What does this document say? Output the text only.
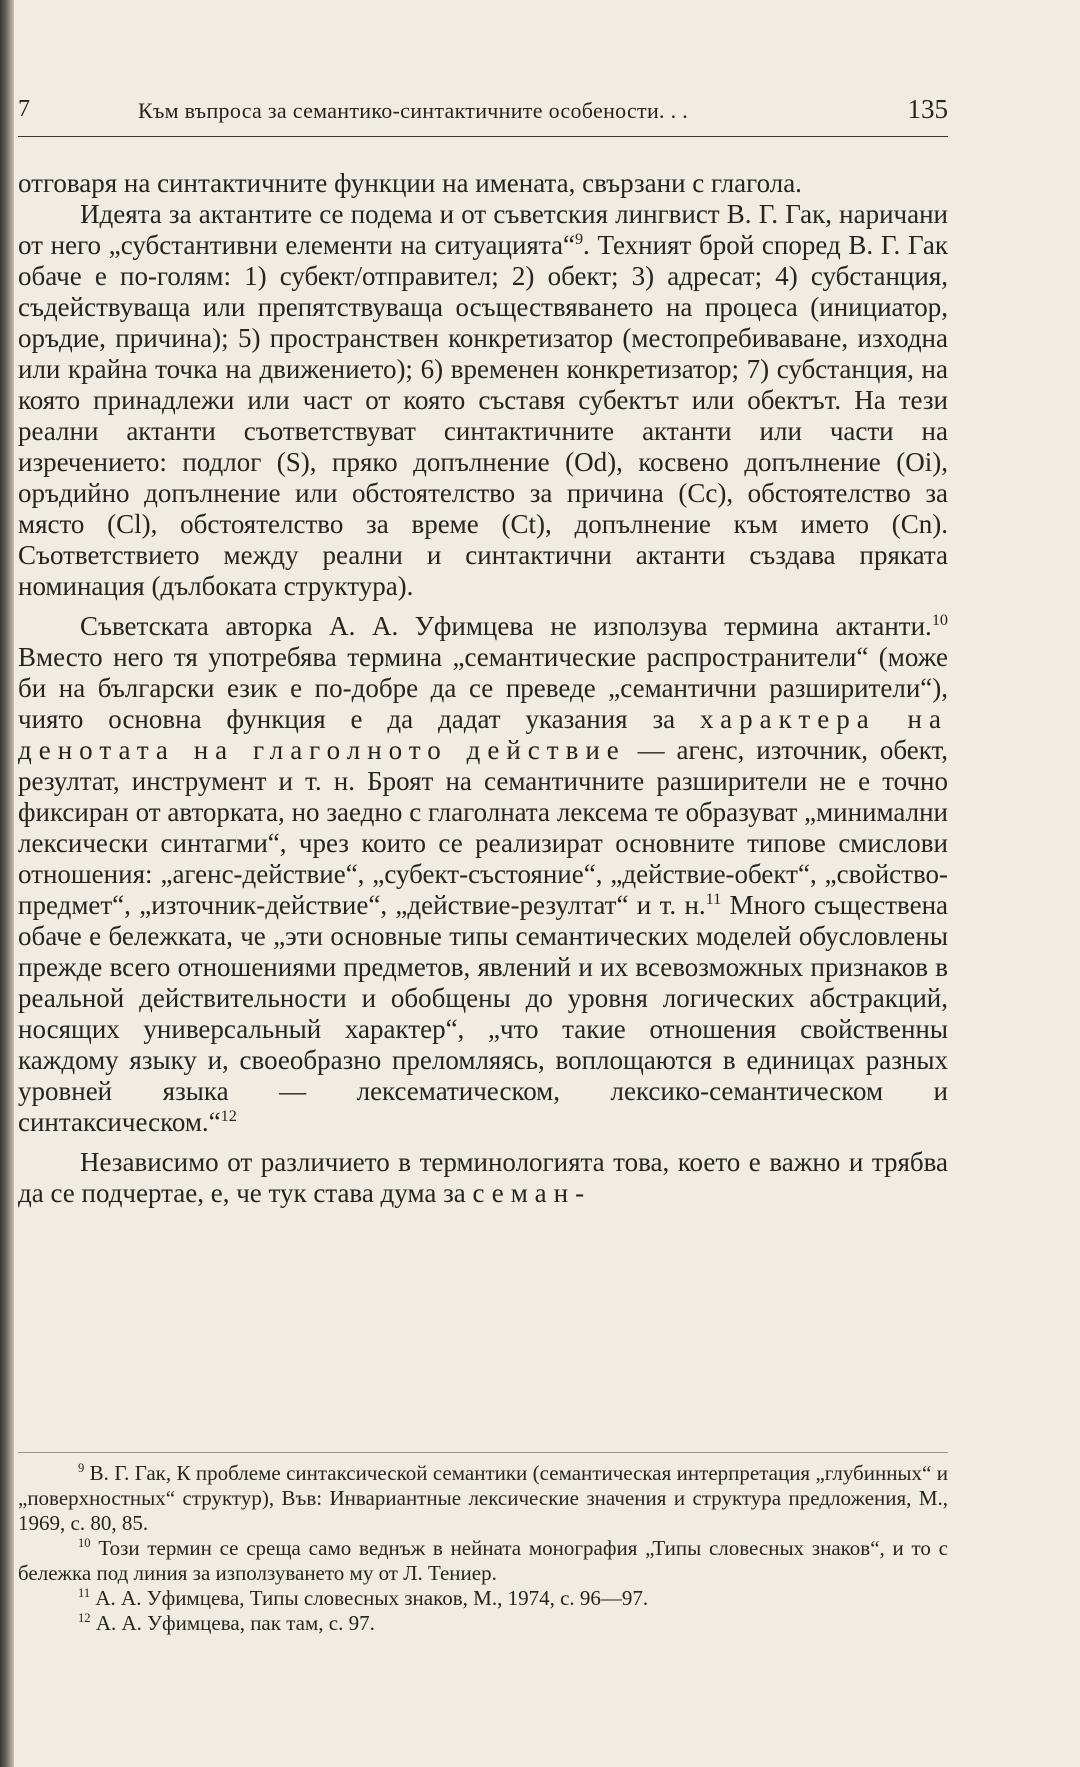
7	Към въпроса за семантико-синтактичните особености. . .	135

отговаря на синтактичните функции на имената, свързани с глагола.

Идеята за актантите се подема и от съветския лингвист В. Г. Гак, наричани от него „субстантивни елементи на ситуацията“$^9$. Техният брой според В. Г. Гак обаче е по-голям: 1) субект/отправител; 2) обект; 3) адресат; 4) субстанция, съдействуваща или препятствуваща осъществяването на процеса (инициатор, оръдие, причина); 5) пространствен конкретизатор (местопребиваване, изходна или крайна точка на движението); 6) временен конкретизатор; 7) субстанция, на която принадлежи или част от която съставя субектът или обектът. На тези реални актанти съответствуват синтактичните актанти или части на изречението: подлог (S), пряко допълнение (Od), косвено допълнение (Oi), оръдийно допълнение или обстоятелство за причина (Cc), обстоятелство за място (Cl), обстоятелство за време (Ct), допълнение към името (Cn). Съответствието между реални и синтактични актанти създава пряката номинация (дълбоката структура).

Съветската авторка А. А. Уфимцева не използува термина актанти.$^{10}$ Вместо него тя употребява термина „семантические распространители“ (може би на български език е по-добре да се преведе „семантични разширители“), чиято основна функция е да дадат указания за характера на денотата на глаголното действие — агенс, източник, обект, резултат, инструмент и т. н. Броят на семантичните разширители не е точно фиксиран от авторката, но заедно с глаголната лексема те образуват „минимални лексически синтагми“, чрез които се реализират основните типове смислови отношения: „агенс-действие“, „субект-състояние“, „действие-обект“, „свойство-предмет“, „източник-действие“, „действие-резултат“ и т. н.$^{11}$ Много съществена обаче е бележката, че „эти основные типы семантических моделей обусловлены прежде всего отношениями предметов, явлений и их всевозможных признаков в реальной действительности и обобщены до уровня логических абстракций, носящих универсальный характер“, „что такие отношения свойственны каждому языку и, своеобразно преломляясь, воплощаются в единицах разных уровней языка — лексематическом, лексико-семантическом и синтаксическом.“$^{12}$

Независимо от различието в терминологията това, което е важно и трябва да се подчертае, е, че тук става дума за семан-

$^9$ В. Г. Гак, К проблеме синтаксической семантики (семантическая интерпретация „глубинных“ и „поверхностных“ структур), Във: Инвариантные лексические значения и структура предложения, М., 1969, с. 80, 85.

$^{10}$ Този термин се среща само веднъж в нейната монография „Типы словесных знаков“, и то с бележка под линия за използуването му от Л. Тениер.

$^{11}$ А. А. Уфимцева, Типы словесных знаков, М., 1974, с. 96—97.

$^{12}$ А. А. Уфимцева, пак там, с. 97.
